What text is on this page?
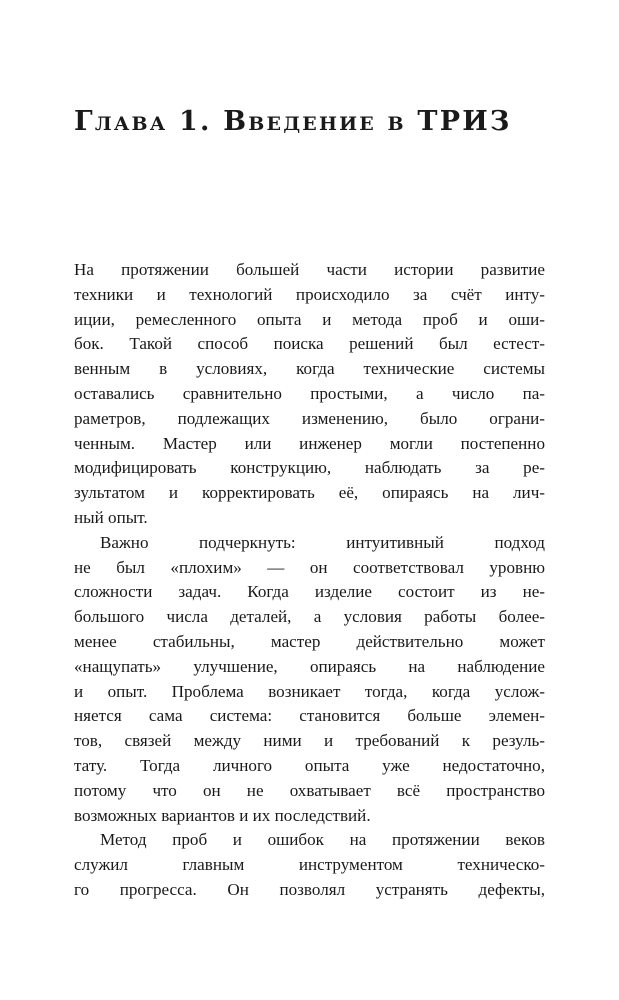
Глава 1. Введение в ТРИЗ
На протяжении большей части истории развитие
техники и технологий происходило за счёт инту-
иции, ремесленного опыта и метода проб и оши-
бок. Такой способ поиска решений был естест-
венным в условиях, когда технические системы
оставались сравнительно простыми, а число па-
раметров, подлежащих изменению, было ограни-
ченным. Мастер или инженер могли постепенно
модифицировать конструкцию, наблюдать за ре-
зультатом и корректировать её, опираясь на лич-
ный опыт.
Важно подчеркнуть: интуитивный подход
не был «плохим» — он соответствовал уровню
сложности задач. Когда изделие состоит из не-
большого числа деталей, а условия работы более-
менее стабильны, мастер действительно может
«нащупать» улучшение, опираясь на наблюдение
и опыт. Проблема возникает тогда, когда услож-
няется сама система: становится больше элемен-
тов, связей между ними и требований к резуль-
тату. Тогда личного опыта уже недостаточно,
потому что он не охватывает всё пространство
возможных вариантов и их последствий.
Метод проб и ошибок на протяжении веков
служил главным инструментом техническо-
го прогресса. Он позволял устранять дефекты,
